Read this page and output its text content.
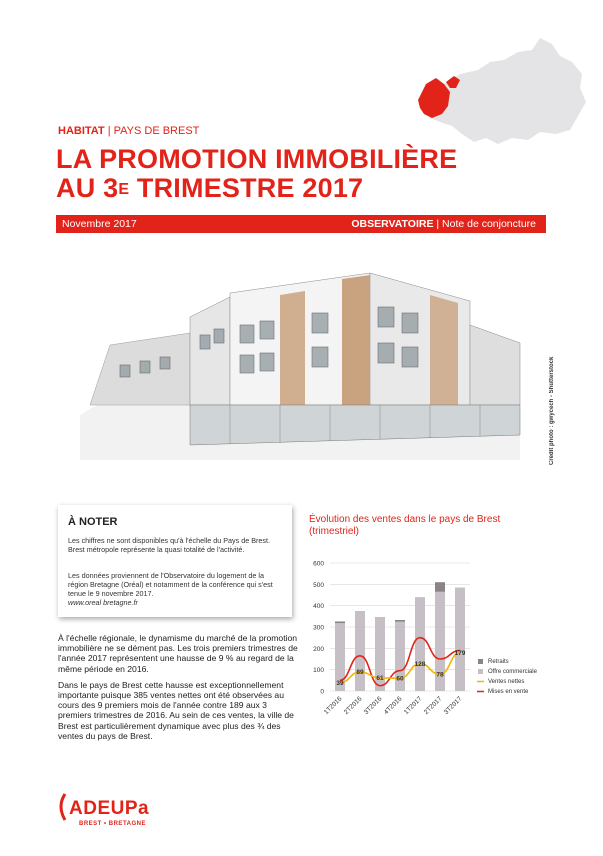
HABITAT | PAYS DE BREST
LA PROMOTION IMMOBILIÈRE
AU $3^E$ TRIMESTRE 2017
Novembre 2017	OBSERVATOIRE | Note de conjoncture
Crédit photo : gwycech - Shutterstock
À NOTER

Les chiffres ne sont disponibles qu'à l'échelle du Pays de Brest. Brest métropole représente la quasi totalité de l'activité.

Les données proviennent de l'Observatoire du logement de la région Bretagne (Oréal) et notamment de la conférence qui s'est tenue le 9 novembre 2017.

www.oreal bretagne.fr

À l'échelle régionale, le dynamisme du marché de la promotion immobilière ne se dément pas. Les trois premiers trimestres de l'année 2017 représentent une hausse de 9 % au regard de la même période en 2016.

Dans le pays de Brest cette hausse est exceptionnellement importante puisque 385 ventes nettes ont été observées au cours des 9 premiers mois de l'année contre 189 aux 3 premiers trimestres de 2016. Au sein de ces ventes, la ville de Brest est particulièrement dynamique avec plus des ¾ des ventes du pays de Brest.

Évolution des ventes dans le pays de Brest (trimestriel)
0
100
200
300
400
500
600
1T2016 2T2016 3T2016 4T2016 1T2017 2T2017 3T2017
39
89
61 60
128
78
179
Retraits
Offre commerciale
Ventes nettes
Mises en vente
ADEUPa
BREST • BRETAGNE
